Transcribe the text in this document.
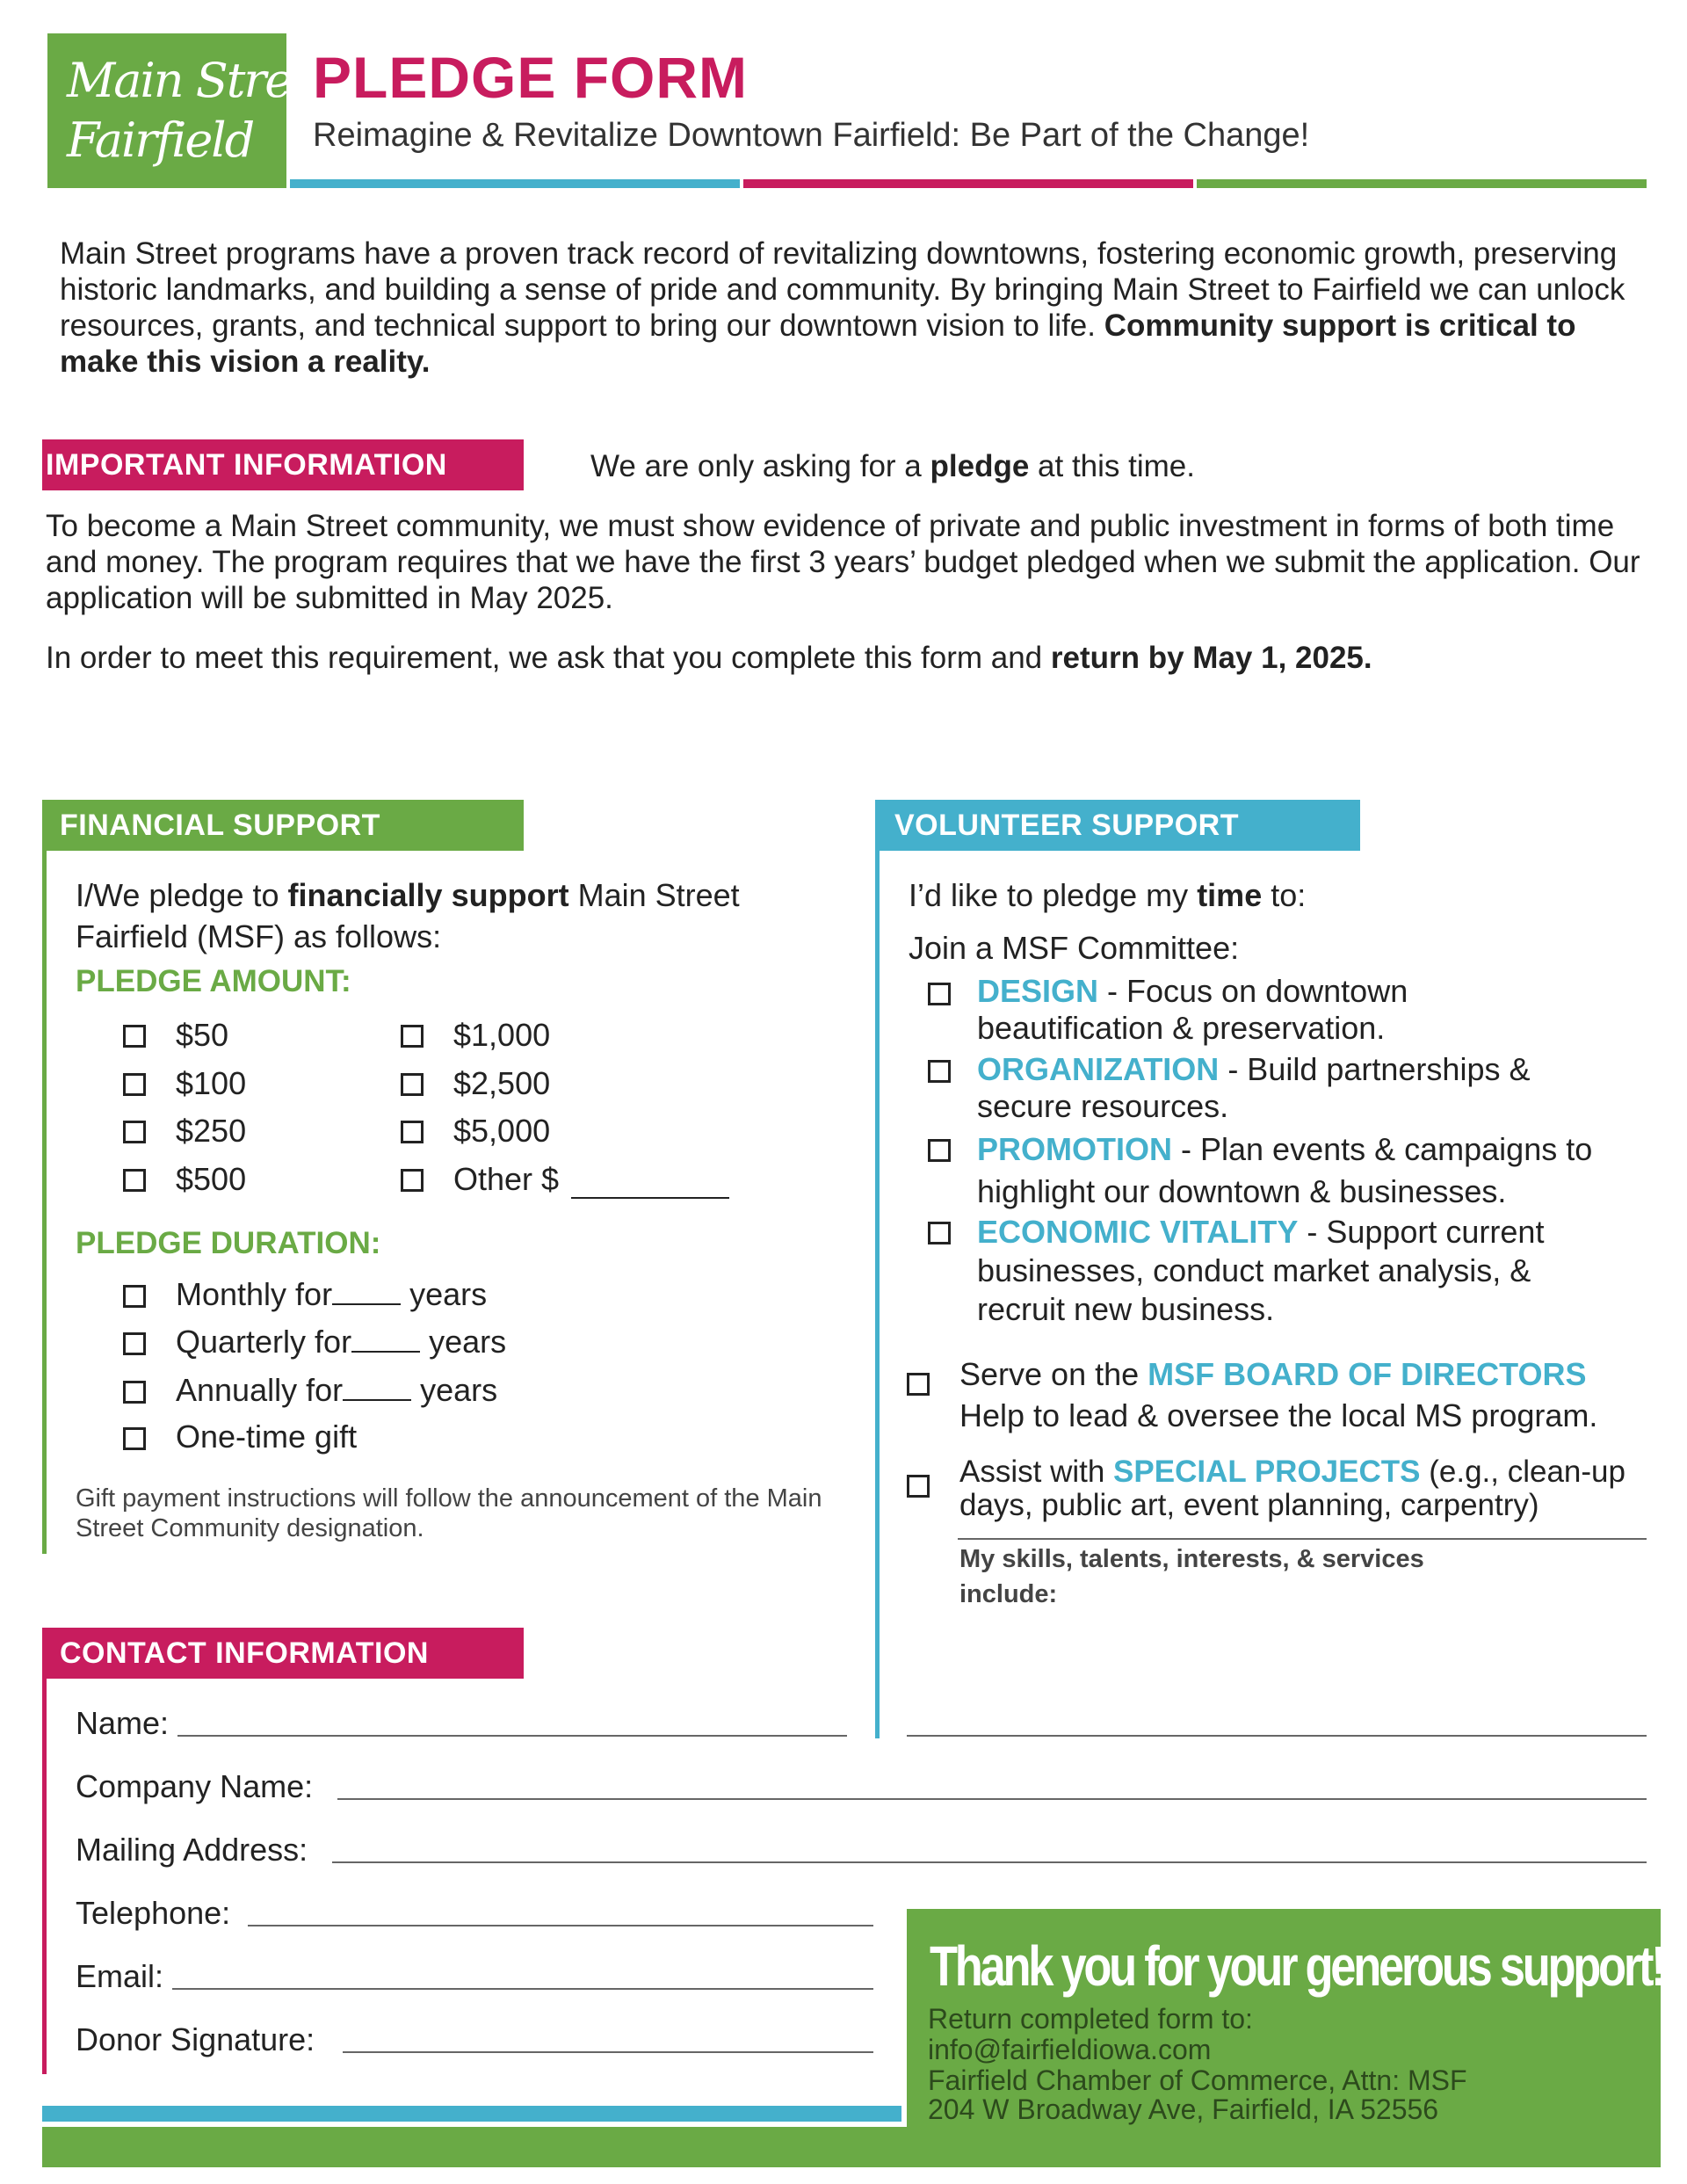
Main Street
Fairfield
PLEDGE FORM
Reimagine & Revitalize Downtown Fairfield: Be Part of the Change!
Main Street programs have a proven track record of revitalizing downtowns, fostering economic growth, preserving historic landmarks, and building a sense of pride and community. By bringing Main Street to Fairfield we can unlock resources, grants, and technical support to bring our downtown vision to life. Community support is critical to make this vision a reality.
IMPORTANT INFORMATION	We are only asking for a pledge at this time.
To become a Main Street community, we must show evidence of private and public investment in forms of both time and money. The program requires that we have the first 3 years’ budget pledged when we submit the application. Our application will be submitted in May 2025.
In order to meet this requirement, we ask that you complete this form and return by May 1, 2025.
FINANCIAL SUPPORT
I/We pledge to financially support Main Street Fairfield (MSF) as follows:
PLEDGE AMOUNT:
$50
$100
$250
$500
$1,000
$2,500
$5,000
Other $
PLEDGE DURATION:
Monthly for years
Quarterly for years
Annually for years
One-time gift
Gift payment instructions will follow the announcement of the Main Street Community designation.
VOLUNTEER SUPPORT
I’d like to pledge my time to:
Join a MSF Committee:
DESIGN - Focus on downtown
beautification & preservation.
ORGANIZATION - Build partnerships &
secure resources.
PROMOTION - Plan events & campaigns to
highlight our downtown & businesses.
ECONOMIC VITALITY - Support current
businesses, conduct market analysis, &
recruit new business.
Serve on the MSF BOARD OF DIRECTORS
Help to lead & oversee the local MS program.
Assist with SPECIAL PROJECTS (e.g., clean-up
days, public art, event planning, carpentry)
My skills, talents, interests, & services
include:
CONTACT INFORMATION
Name:
Company Name:
Mailing Address:
Telephone:
Email:
Donor Signature:
Thank you for your generous support!
Return completed form to:
info@fairfieldiowa.com
Fairfield Chamber of Commerce, Attn: MSF
204 W Broadway Ave, Fairfield, IA 52556
